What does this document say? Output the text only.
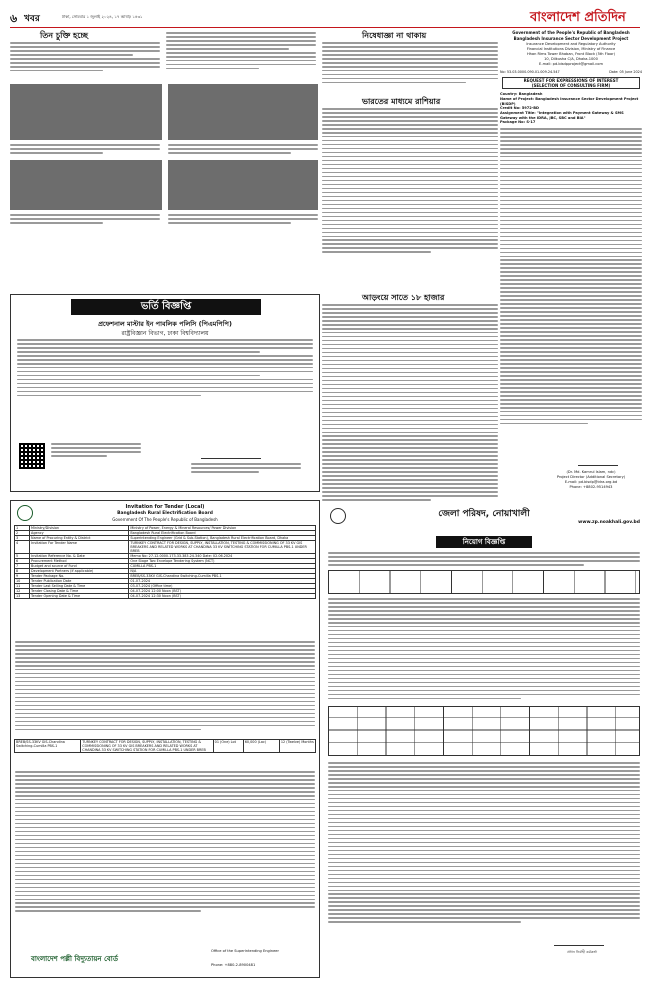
৬ খবর	ঢাকা, সোমবার ১ জুলাই ২০২৪, ১৭ আষাঢ় ১৪৩১	বাংলাদেশ প্রতিদিন
তিন চুক্তি হচ্ছে	নিষেধাজ্ঞা না থাকায়
ভারতের মাধ্যমে রাশিয়ার
আড়ংয়ে সাতে ১৮ হাজার
ভর্তি বিজ্ঞপ্তি
প্রফেশনাল মাস্টার ইন পাবলিক পলিসি (পিএমপিপি)
রাষ্ট্রবিজ্ঞান বিভাগ, ঢাকা বিশ্ববিদ্যালয়
Government of the People's Republic of Bangladesh
Bangladesh Insurance Sector Development Project
Insurance Development and Regulatory Authority
Financial Institutions Division, Ministry of Finance
Hhan Rims Tower Bhaban, Front Block (5th Floor)
10, Dilkusha C/A, Dhaka-1000
E-mail: pd.bisdpproject@gmail.com
No: 53.03.0000.090.01.009.24.547	Date: 05 June 2024
REQUEST FOR EXPRESSIONS OF INTEREST
(SELECTION OF CONSULTING FIRM)
Country: Bangladesh
Name of Project: Bangladesh Insurance Sector Development Project (BISDP)
Credit No: 5972-BD
Assignment Title: "Integration with Payment Gateway & SMS Gateway with the IDRA, JBC, SBC and BIA"
Package No: S-17
(Dr. Md. Kamrul Islam, ndc)
Project Director (Additional Secretary)
E-mail: pd.bisdp@idra.org.bd
Phone: +8802-9514943
Invitation for Tender (Local)
Bangladesh Rural Electrification Board
Government Of The People's Republic of Bangladesh
1	Ministry/Division	Ministry of Power, Energy & Mineral Resources/ Power Division
2	Agency	Bangladesh Rural Electrification Board
3	Name of Procuring Entity & District	Superintending Engineer (Grid & Sub-Station), Bangladesh Rural Electrification Board, Dhaka
4	Invitation For Tender Name	TURNKEY CONTRACT FOR DESIGN, SUPPLY, INSTALLATION, TESTING & COMMISSIONING OF 33 KV GIS BREAKERS AND RELATED WORKS AT CHANDINA 33 KV SWITCHING STATION FOR CUMILLA PBS-1 UNDER BREB
5	Invitation Reference No. & Date	Memo No: 27.12.0000.173.33.383.24.340 Date: 02.06.2024
6	Procurement Method	One Stage Two Envelope Tendering System (NCT)
7	Budget and source of Fund	CUMILLA PBS-1
8	Development Partners (if applicable)	N/A
9	Tender Package No.	BREB/SS-33KV GIS-Chandina Switching-Cumilla PBS-1
10	Tender Publication Date	01-07-2024
11	Tender Last Selling Date & Time	03-07-2024 (Office time)
12	Tender Closing Date & Time	04-07-2024 12:00 Noon (BST)
13	Tender Opening Date & Time	04-07-2024 12:30 Noon (BST)
BREB/SS-33KV GIS-Chandina Switching-Cumilla PBS-1	TURNKEY CONTRACT FOR DESIGN, SUPPLY, INSTALLATION, TESTING & COMMISSIONING OF 33 KV GIS BREAKERS AND RELATED WORKS AT CHANDINA 33 KV SWITCHING STATION FOR CUMILLA PBS-1 UNDER BREB	01 (One) Lot	60,000 (Lac)	12 (Twelve) Months
বাংলাদেশ পল্লী বিদ্যুতায়ন বোর্ড
Office of the Superintending Engineer
Phone: +880-2-8900481
জেলা পরিষদ, নোয়াখালী
www.zp.noakhali.gov.bd
নিয়োগ বিজ্ঞপ্তি
প্রধান নির্বাহী কর্মকর্তা
